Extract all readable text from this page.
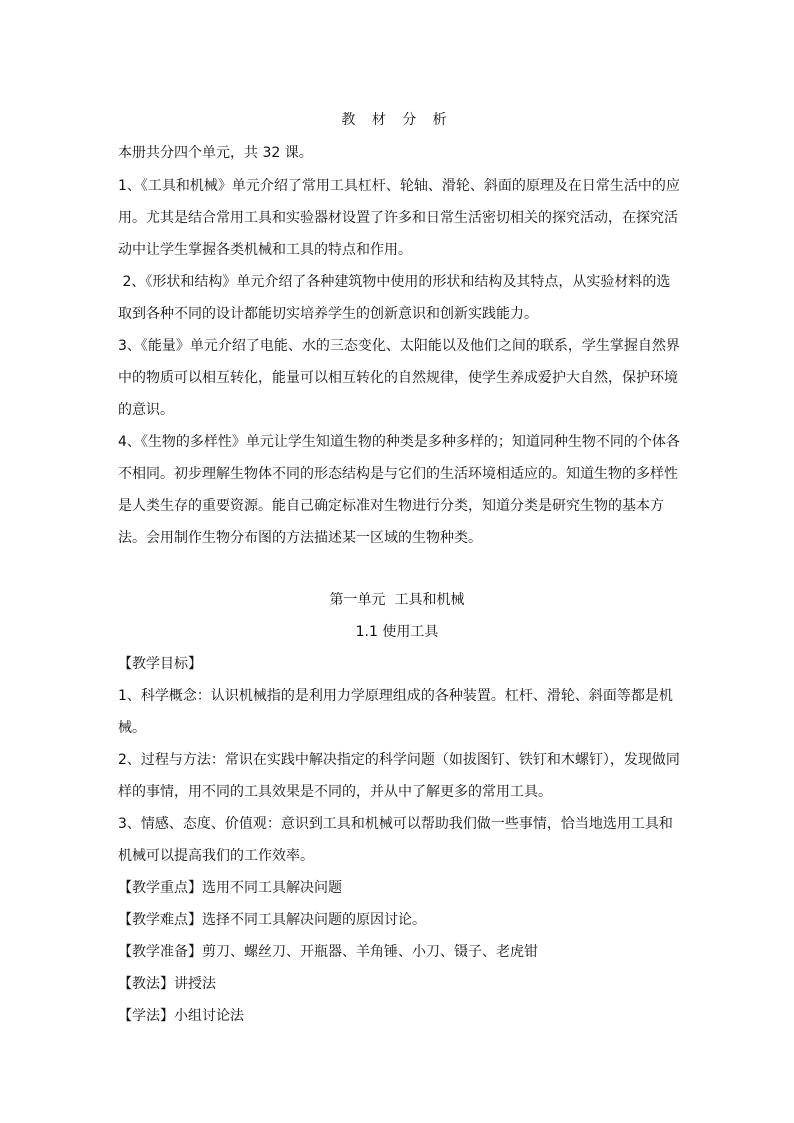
教 材 分 析
本册共分四个单元，共 32 课。
1、《工具和机械》单元介绍了常用工具杠杆、轮轴、滑轮、斜面的原理及在日常生活中的应用。尤其是结合常用工具和实验器材设置了许多和日常生活密切相关的探究活动，在探究活动中让学生掌握各类机械和工具的特点和作用。
2、《形状和结构》单元介绍了各种建筑物中使用的形状和结构及其特点，从实验材料的选取到各种不同的设计都能切实培养学生的创新意识和创新实践能力。
3、《能量》单元介绍了电能、水的三态变化、太阳能以及他们之间的联系，学生掌握自然界中的物质可以相互转化，能量可以相互转化的自然规律，使学生养成爱护大自然，保护环境的意识。
4、《生物的多样性》单元让学生知道生物的种类是多种多样的；知道同种生物不同的个体各不相同。初步理解生物体不同的形态结构是与它们的生活环境相适应的。知道生物的多样性是人类生存的重要资源。能自己确定标准对生物进行分类，知道分类是研究生物的基本方法。会用制作生物分布图的方法描述某一区域的生物种类。
第一单元  工具和机械
1.1 使用工具
【教学目标】
1、科学概念：认识机械指的是利用力学原理组成的各种装置。杠杆、滑轮、斜面等都是机械。
2、过程与方法：常识在实践中解决指定的科学问题（如拔图钉、铁钉和木螺钉），发现做同样的事情，用不同的工具效果是不同的，并从中了解更多的常用工具。
3、情感、态度、价值观：意识到工具和机械可以帮助我们做一些事情，恰当地选用工具和机械可以提高我们的工作效率。
【教学重点】选用不同工具解决问题
【教学难点】选择不同工具解决问题的原因讨论。
【教学准备】剪刀、螺丝刀、开瓶器、羊角锤、小刀、镊子、老虎钳
【教法】讲授法
【学法】小组讨论法
